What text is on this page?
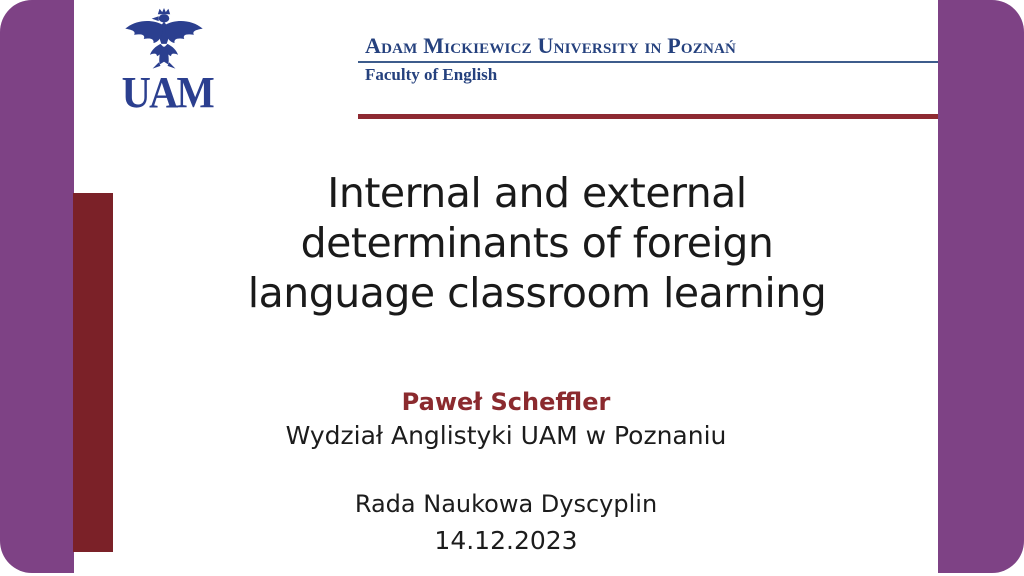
UAM
Adam Mickiewicz University in Poznań
Faculty of English
Internal and external
determinants of foreign
language classroom learning
Paweł Scheffler
Wydział Anglistyki UAM w Poznaniu
Rada Naukowa Dyscyplin
14.12.2023
